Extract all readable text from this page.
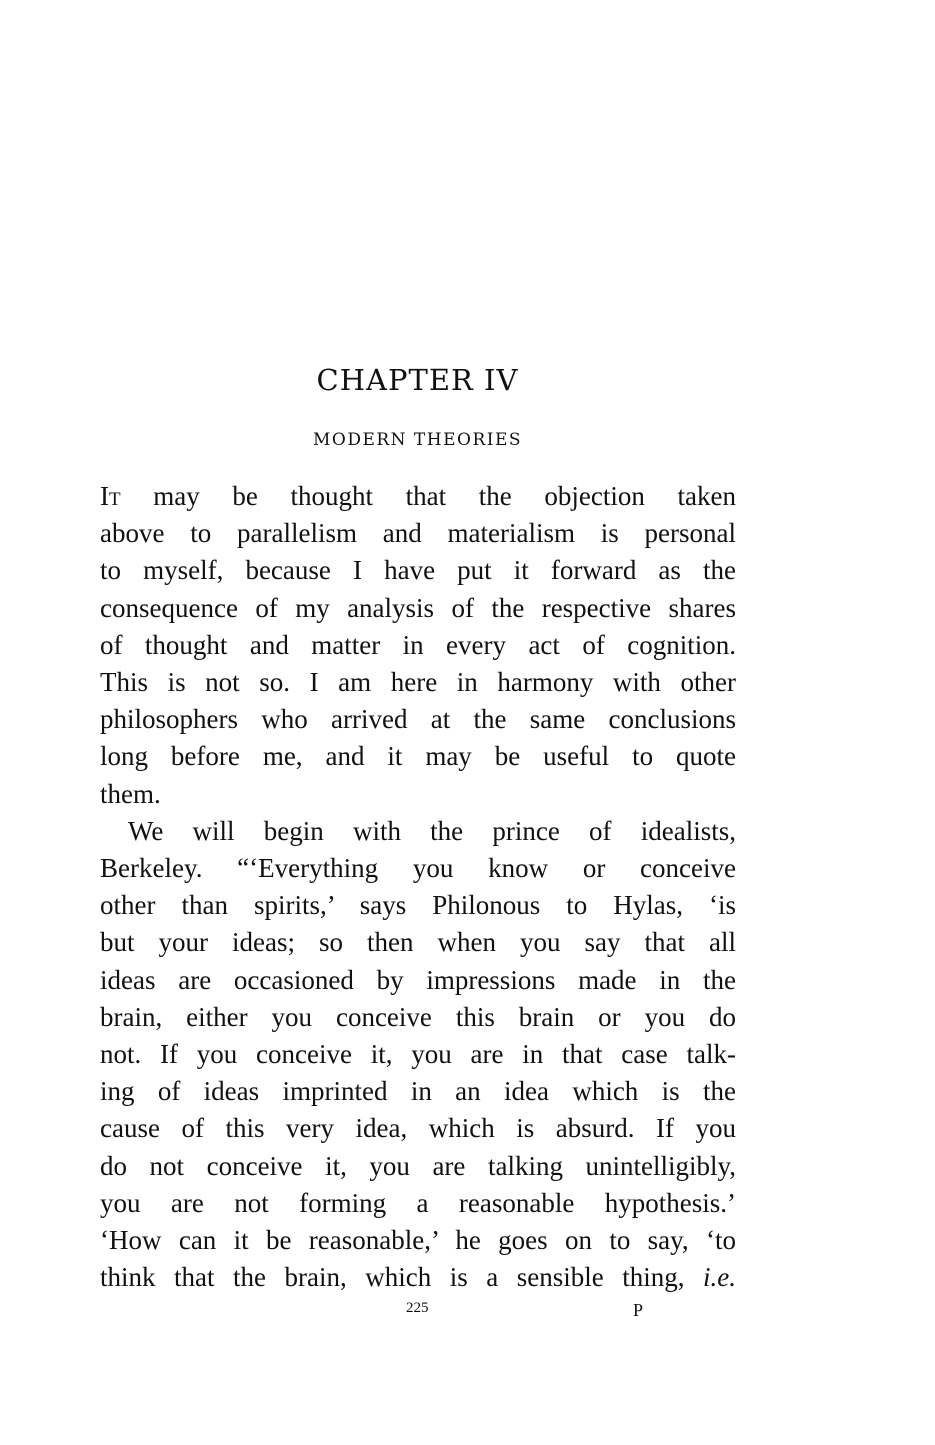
CHAPTER IV
MODERN THEORIES
It may be thought that the objection taken
above to parallelism and materialism is personal
to myself, because I have put it forward as the
consequence of my analysis of the respective shares
of thought and matter in every act of cognition.
This is not so. I am here in harmony with other
philosophers who arrived at the same conclusions
long before me, and it may be useful to quote
them.
We will begin with the prince of idealists,
Berkeley. “‘Everything you know or conceive
other than spirits,’ says Philonous to Hylas, ‘is
but your ideas; so then when you say that all
ideas are occasioned by impressions made in the
brain, either you conceive this brain or you do
not. If you conceive it, you are in that case talk-
ing of ideas imprinted in an idea which is the
cause of this very idea, which is absurd. If you
do not conceive it, you are talking unintelligibly,
you are not forming a reasonable hypothesis.’
‘How can it be reasonable,’ he goes on to say, ‘to
think that the brain, which is a sensible thing, i.e.
225	P
